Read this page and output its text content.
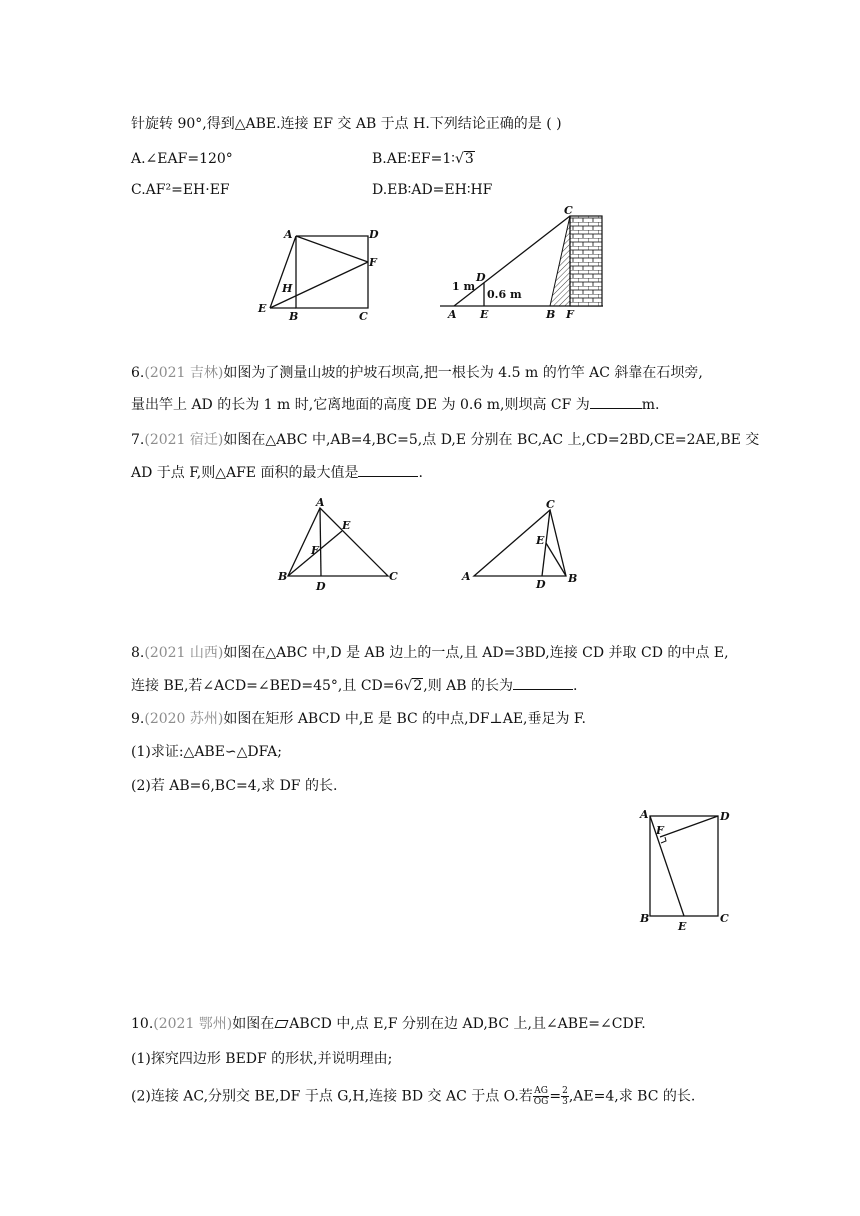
针旋转 90°,得到△ABE.连接 EF 交 AB 于点 H.下列结论正确的是 ( )
A.∠EAF=120°	B.AE∶EF=1∶√3
C.AF²=EH·EF	D.EB∶AD=EH∶HF
A	D
F
H
E
B	C
C
D
1 m
0.6 m
A E	B F
6.(2021 吉林)如图为了测量山坡的护坡石坝高,把一根长为 4.5 m 的竹竿 AC 斜靠在石坝旁,
量出竿上 AD 的长为 1 m 时,它离地面的高度 DE 为 0.6 m,则坝高 CF 为	m.
7.(2021 宿迁)如图在△ABC 中,AB=4,BC=5,点 D,E 分别在 BC,AC 上,CD=2BD,CE=2AE,BE 交
AD 于点 F,则△AFE 面积的最大值是	.
A
E
F
B
D
C
C
E
A
D B
8.(2021 山西)如图在△ABC 中,D 是 AB 边上的一点,且 AD=3BD,连接 CD 并取 CD 的中点 E,
连接 BE,若∠ACD=∠BED=45°,且 CD=6√2,则 AB 的长为	.
9.(2020 苏州)如图在矩形 ABCD 中,E 是 BC 的中点,DF⊥AE,垂足为 F.
(1)求证:△ABE∽△DFA;
(2)若 AB=6,BC=4,求 DF 的长.
A	D
F
B
E
C
10.(2021 鄂州)如图在 ABCD 中,点 E,F 分别在边 AD,BC 上,且∠ABE=∠CDF.
(1)探究四边形 BEDF 的形状,并说明理由;
(2)连接 AC,分别交 BE,DF 于点 G,H,连接 BD 交 AC 于点 O.若 $\frac{AG}{OG} = \frac{2}{3} ,AE=4$,求 BC 的长.
